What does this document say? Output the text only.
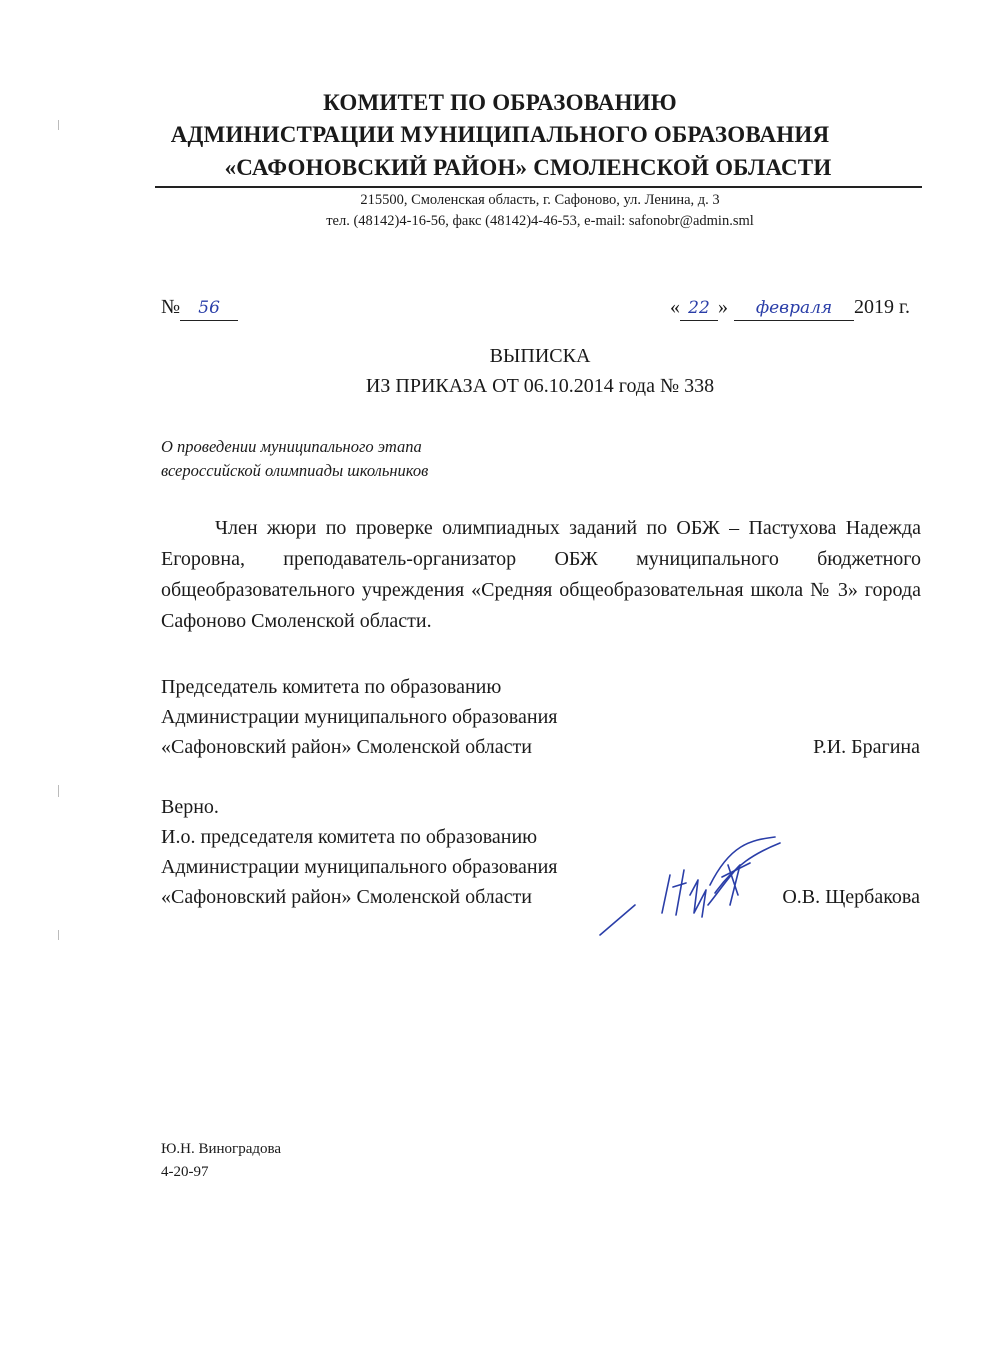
КОМИТЕТ ПО ОБРАЗОВАНИЮ
АДМИНИСТРАЦИИ МУНИЦИПАЛЬНОГО ОБРАЗОВАНИЯ
«САФОНОВСКИЙ РАЙОН» СМОЛЕНСКОЙ ОБЛАСТИ
215500, Смоленская область, г. Сафоново, ул. Ленина, д. 3
тел. (48142)4-16-56, факс (48142)4-46-53, e-mail: safonobr@admin.sml
№ 56	« 22 » февраля 2019 г.
ВЫПИСКА
ИЗ ПРИКАЗА ОТ 06.10.2014 года № 338
О проведении муниципального этапа
всероссийской олимпиады школьников
Член жюри по проверке олимпиадных заданий по ОБЖ – Пастухова Надежда Егоровна, преподаватель-организатор ОБЖ муниципального бюджетного общеобразовательного учреждения «Средняя общеобразовательная школа № 3» города Сафоново Смоленской области.
Председатель комитета по образованию
Администрации муниципального образования
«Сафоновский район» Смоленской области	Р.И. Брагина
Верно.
И.о. председателя комитета по образованию
Администрации муниципального образования
«Сафоновский район» Смоленской области	О.В. Щербакова
Ю.Н. Виноградова
4-20-97
